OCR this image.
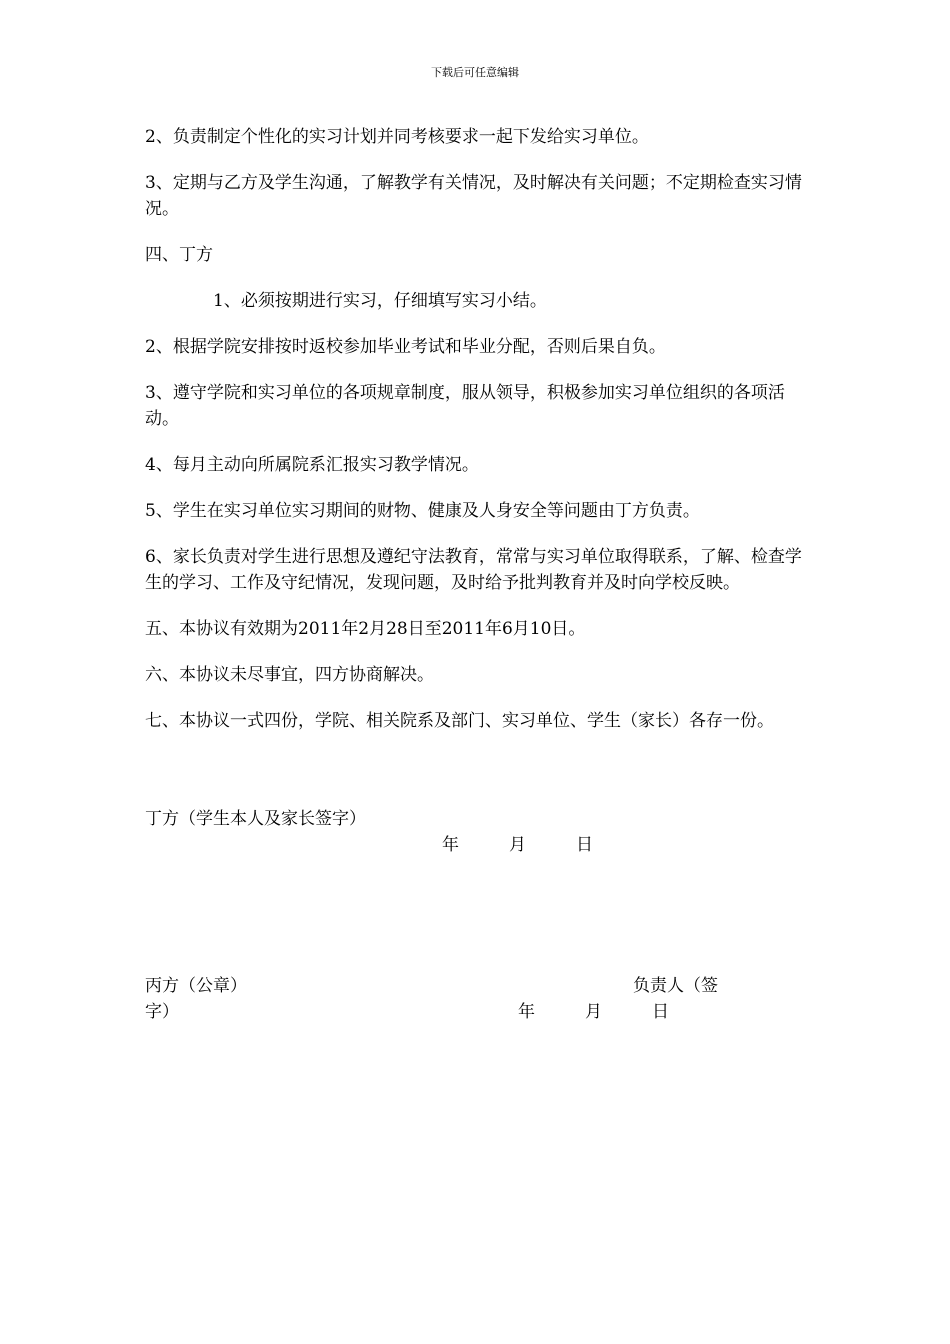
下载后可任意编辑

2、负责制定个性化的实习计划并同考核要求一起下发给实习单位。

3、定期与乙方及学生沟通，了解教学有关情况，及时解决有关问题；不定期检查实习情况。

四、丁方

1、必须按期进行实习，仔细填写实习小结。

2、根据学院安排按时返校参加毕业考试和毕业分配，否则后果自负。

3、遵守学院和实习单位的各项规章制度，服从领导，积极参加实习单位组织的各项活动。

4、每月主动向所属院系汇报实习教学情况。

5、学生在实习单位实习期间的财物、健康及人身安全等问题由丁方负责。

6、家长负责对学生进行思想及遵纪守法教育，常常与实习单位取得联系，了解、检查学生的学习、工作及守纪情况，发现问题，及时给予批判教育并及时向学校反映。

五、本协议有效期为2011年2月28日至2011年6月10日。

六、本协议未尽事宜，四方协商解决。

七、本协议一式四份，学院、相关院系及部门、实习单位、学生（家长）各存一份。

丁方（学生本人及家长签字）
年	月	日
丙方（公章）	负责人（签
字）	年	月	日
